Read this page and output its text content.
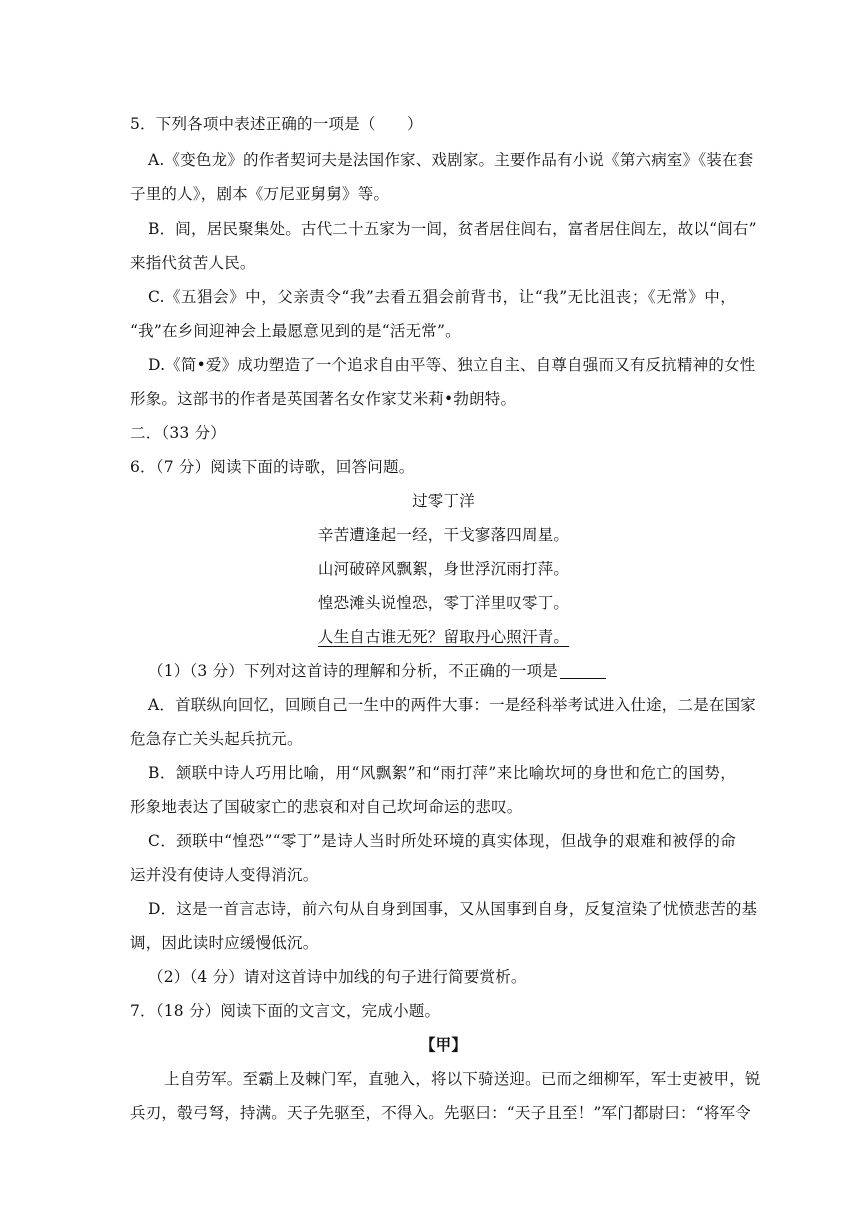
5．下列各项中表述正确的一项是（　　）
A.《变色龙》的作者契诃夫是法国作家、戏剧家。主要作品有小说《第六病室》《装在套
子里的人》，剧本《万尼亚舅舅》等。
B．闾，居民聚集处。古代二十五家为一闾，贫者居住闾右，富者居住闾左，故以“闾右”
来指代贫苦人民。
C.《五猖会》中，父亲责令“我”去看五猖会前背书，让“我”无比沮丧；《无常》中，
“我”在乡间迎神会上最愿意见到的是“活无常”。
D.《简•爱》成功塑造了一个追求自由平等、独立自主、自尊自强而又有反抗精神的女性
形象。这部书的作者是英国著名女作家艾米莉•勃朗特。
二．（33 分）
6．（7 分）阅读下面的诗歌，回答问题。
过零丁洋
辛苦遭逢起一经，干戈寥落四周星。
山河破碎风飘絮，身世浮沉雨打萍。
惶恐滩头说惶恐，零丁洋里叹零丁。
人生自古谁无死？留取丹心照汗青。
（1）（3 分）下列对这首诗的理解和分析，不正确的一项是
A．首联纵向回忆，回顾自己一生中的两件大事：一是经科举考试进入仕途，二是在国家
危急存亡关头起兵抗元。
B．颔联中诗人巧用比喻，用“风飘絮”和“雨打萍”来比喻坎坷的身世和危亡的国势，
形象地表达了国破家亡的悲哀和对自己坎坷命运的悲叹。
C．颈联中“惶恐”“零丁”是诗人当时所处环境的真实体现，但战争的艰难和被俘的命
运并没有使诗人变得消沉。
D．这是一首言志诗，前六句从自身到国事，又从国事到自身，反复渲染了忧愤悲苦的基
调，因此读时应缓慢低沉。
（2）（4 分）请对这首诗中加线的句子进行简要赏析。
7．（18 分）阅读下面的文言文，完成小题。
【甲】
上自劳军。至霸上及棘门军，直驰入，将以下骑送迎。已而之细柳军，军士吏被甲，锐
兵刃，彀弓弩，持满。天子先驱至，不得入。先驱曰：“天子且至！”军门都尉曰：“将军令
